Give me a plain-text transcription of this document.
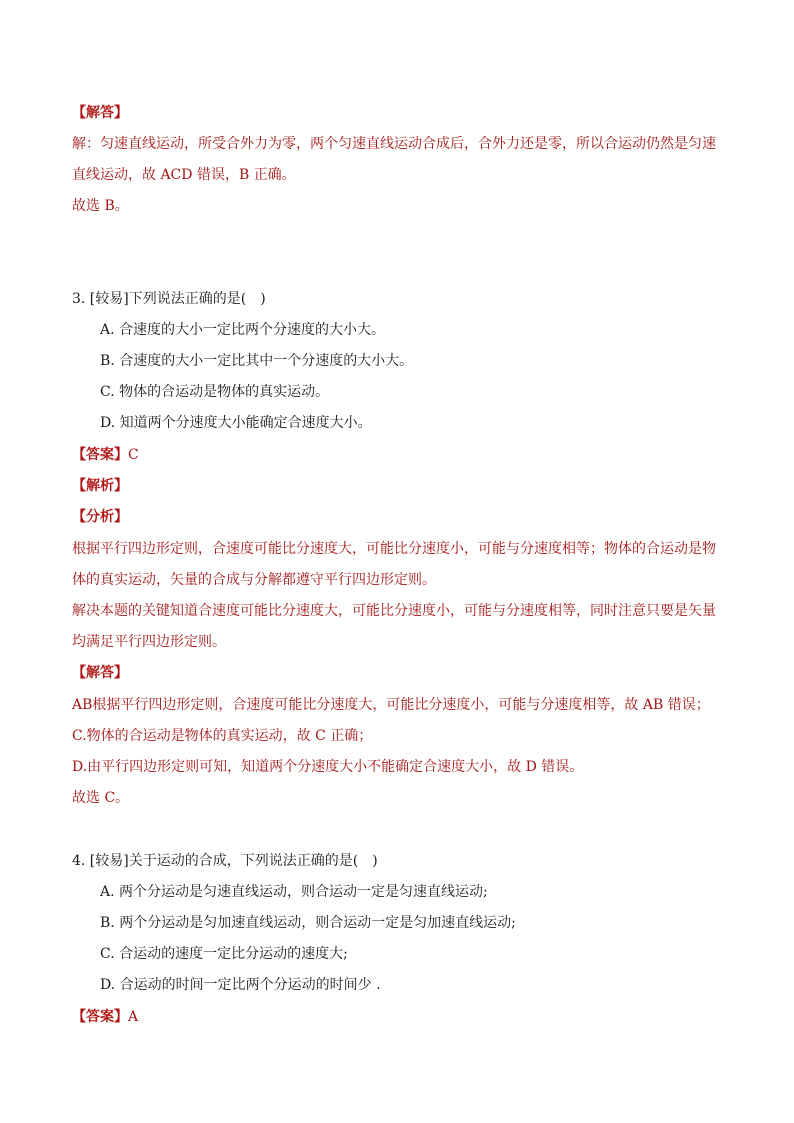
【解答】
解：匀速直线运动，所受合外力为零，两个匀速直线运动合成后，合外力还是零，所以合运动仍然是匀速
直线运动，故 ACD 错误，B 正确。
故选 B。
3. [较易]下列说法正确的是(　)
A. 合速度的大小一定比两个分速度的大小大。
B. 合速度的大小一定比其中一个分速度的大小大。
C. 物体的合运动是物体的真实运动。
D. 知道两个分速度大小能确定合速度大小。
【答案】C
【解析】
【分析】
根据平行四边形定则，合速度可能比分速度大，可能比分速度小，可能与分速度相等；物体的合运动是物
体的真实运动，矢量的合成与分解都遵守平行四边形定则。
解决本题的关键知道合速度可能比分速度大，可能比分速度小，可能与分速度相等，同时注意只要是矢量
均满足平行四边形定则。
【解答】
AB根据平行四边形定则，合速度可能比分速度大，可能比分速度小，可能与分速度相等，故 AB 错误；
C.物体的合运动是物体的真实运动，故 C 正确；
D.由平行四边形定则可知，知道两个分速度大小不能确定合速度大小，故 D 错误。
故选 C。
4. [较易]关于运动的合成，下列说法正确的是(　)
A. 两个分运动是匀速直线运动，则合运动一定是匀速直线运动;
B. 两个分运动是匀加速直线运动，则合运动一定是匀加速直线运动;
C. 合运动的速度一定比分运动的速度大;
D. 合运动的时间一定比两个分运动的时间少 .
【答案】A
